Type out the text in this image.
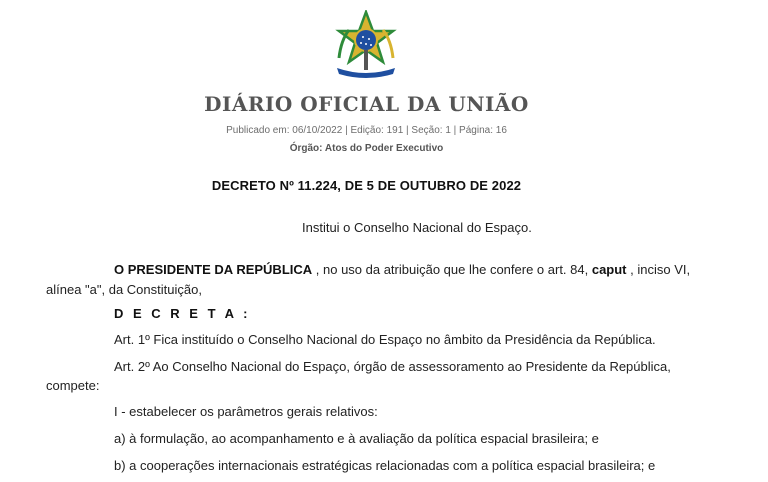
DIÁRIO OFICIAL DA UNIÃO
Publicado em: 06/10/2022 | Edição: 191 | Seção: 1 | Página: 16
Órgão: Atos do Poder Executivo
DECRETO Nº 11.224, DE 5 DE OUTUBRO DE 2022
Institui o Conselho Nacional do Espaço.
O PRESIDENTE DA REPÚBLICA , no uso da atribuição que lhe confere o art. 84, caput , inciso VI,
alínea "a", da Constituição,
D E C R E T A :
Art. 1º Fica instituído o Conselho Nacional do Espaço no âmbito da Presidência da República.
Art. 2º Ao Conselho Nacional do Espaço, órgão de assessoramento ao Presidente da República,
compete:
I - estabelecer os parâmetros gerais relativos:
a) à formulação, ao acompanhamento e à avaliação da política espacial brasileira; e
b) a cooperações internacionais estratégicas relacionadas com a política espacial brasileira; e
